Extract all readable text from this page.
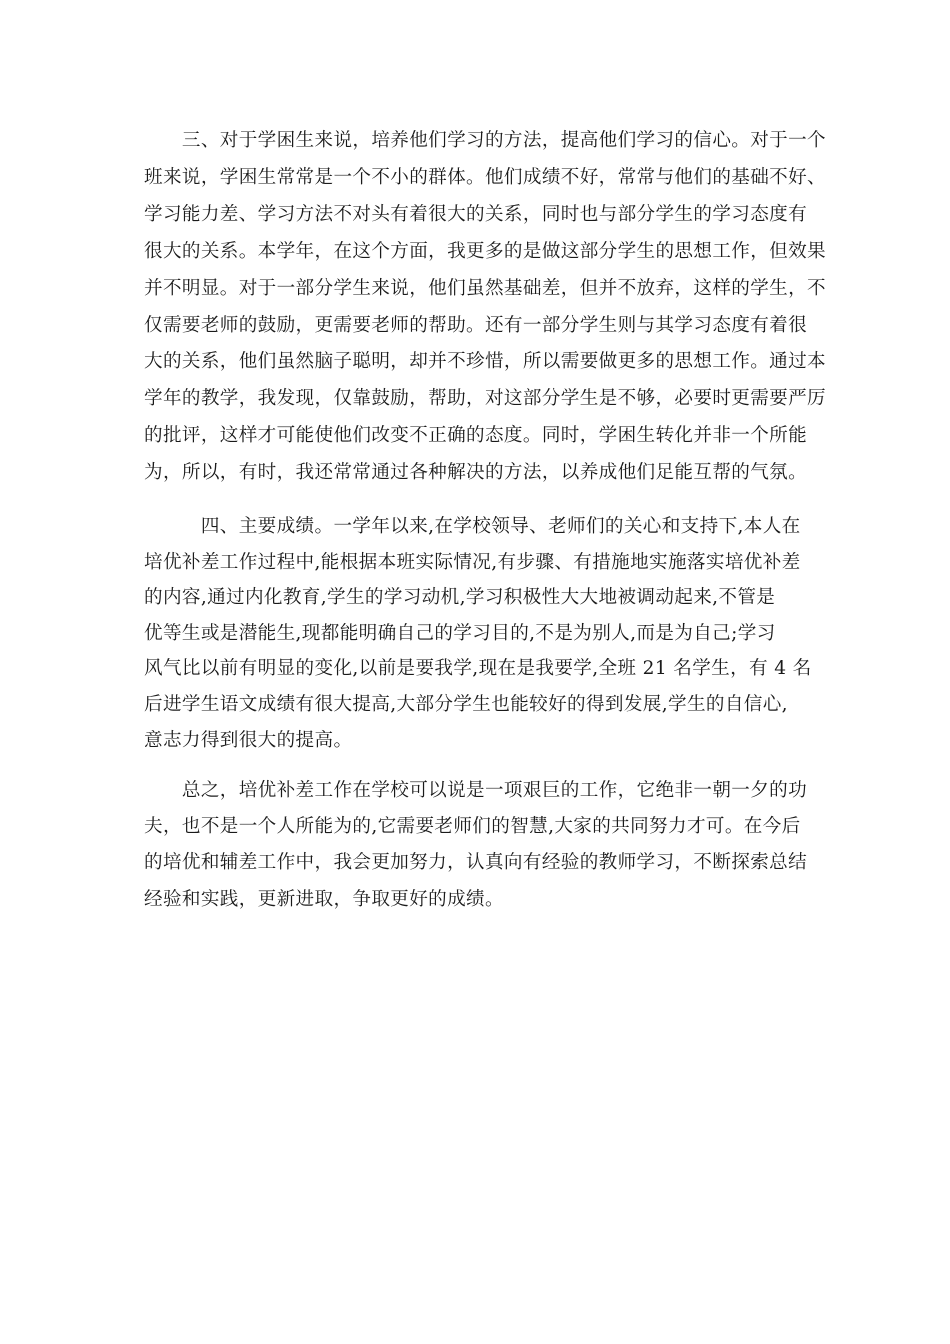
　　三、对于学困生来说，培养他们学习的方法，提高他们学习的信心。对于一个
班来说，学困生常常是一个不小的群体。他们成绩不好，常常与他们的基础不好、
学习能力差、学习方法不对头有着很大的关系，同时也与部分学生的学习态度有
很大的关系。本学年，在这个方面，我更多的是做这部分学生的思想工作，但效果
并不明显。对于一部分学生来说，他们虽然基础差，但并不放弃，这样的学生，不
仅需要老师的鼓励，更需要老师的帮助。还有一部分学生则与其学习态度有着很
大的关系，他们虽然脑子聪明，却并不珍惜，所以需要做更多的思想工作。通过本
学年的教学，我发现，仅靠鼓励，帮助，对这部分学生是不够，必要时更需要严厉
的批评，这样才可能使他们改变不正确的态度。同时，学困生转化并非一个所能
为，所以，有时，我还常常通过各种解决的方法，以养成他们足能互帮的气氛。

　　　四、主要成绩。一学年以来,在学校领导、老师们的关心和支持下,本人在
培优补差工作过程中,能根据本班实际情况,有步骤、有措施地实施落实培优补差
的内容,通过内化教育,学生的学习动机,学习积极性大大地被调动起来,不管是
优等生或是潜能生,现都能明确自己的学习目的,不是为别人,而是为自己;学习
风气比以前有明显的变化,以前是要我学,现在是我要学,全班 21 名学生，有 4 名
后进学生语文成绩有很大提高,大部分学生也能较好的得到发展,学生的自信心,
意志力得到很大的提高。

　　总之，培优补差工作在学校可以说是一项艰巨的工作，它绝非一朝一夕的功
夫，也不是一个人所能为的,它需要老师们的智慧,大家的共同努力才可。在今后
的培优和辅差工作中，我会更加努力，认真向有经验的教师学习，不断探索总结
经验和实践，更新进取，争取更好的成绩。
